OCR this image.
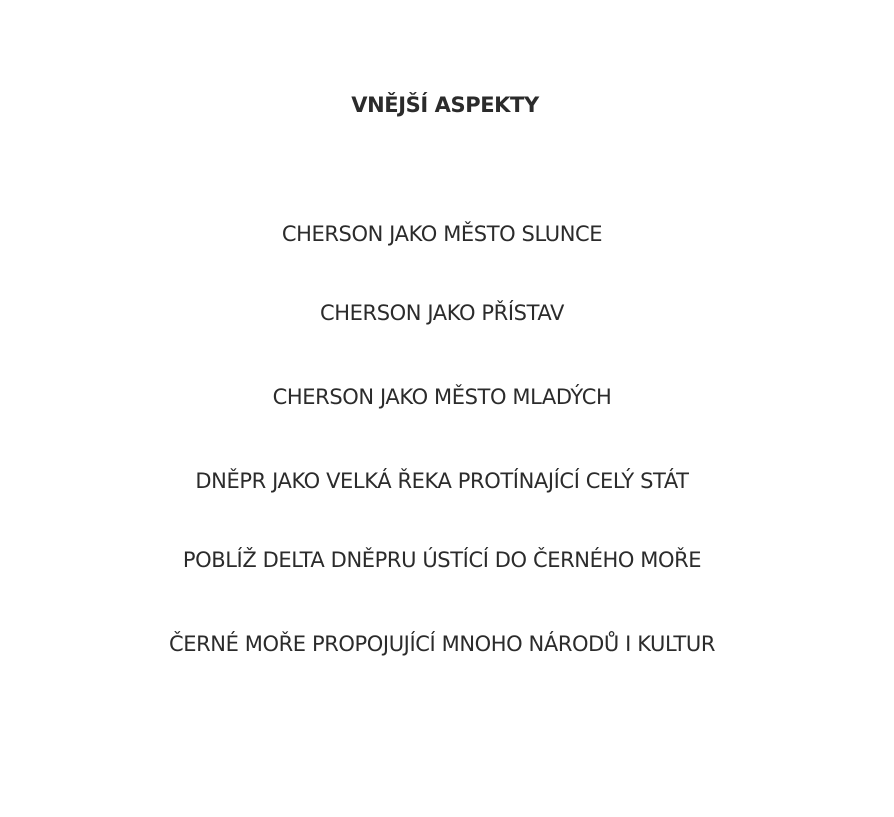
VNĚJŠÍ ASPEKTY
CHERSON JAKO MĚSTO SLUNCE
CHERSON JAKO PŘÍSTAV
CHERSON JAKO MĚSTO MLADÝCH
DNĚPR JAKO VELKÁ ŘEKA PROTÍNAJÍCÍ CELÝ STÁT
POBLÍŽ DELTA DNĚPRU ÚSTÍCÍ DO ČERNÉHO MOŘE
ČERNÉ MOŘE PROPOJUJÍCÍ MNOHO NÁRODŮ I KULTUR
